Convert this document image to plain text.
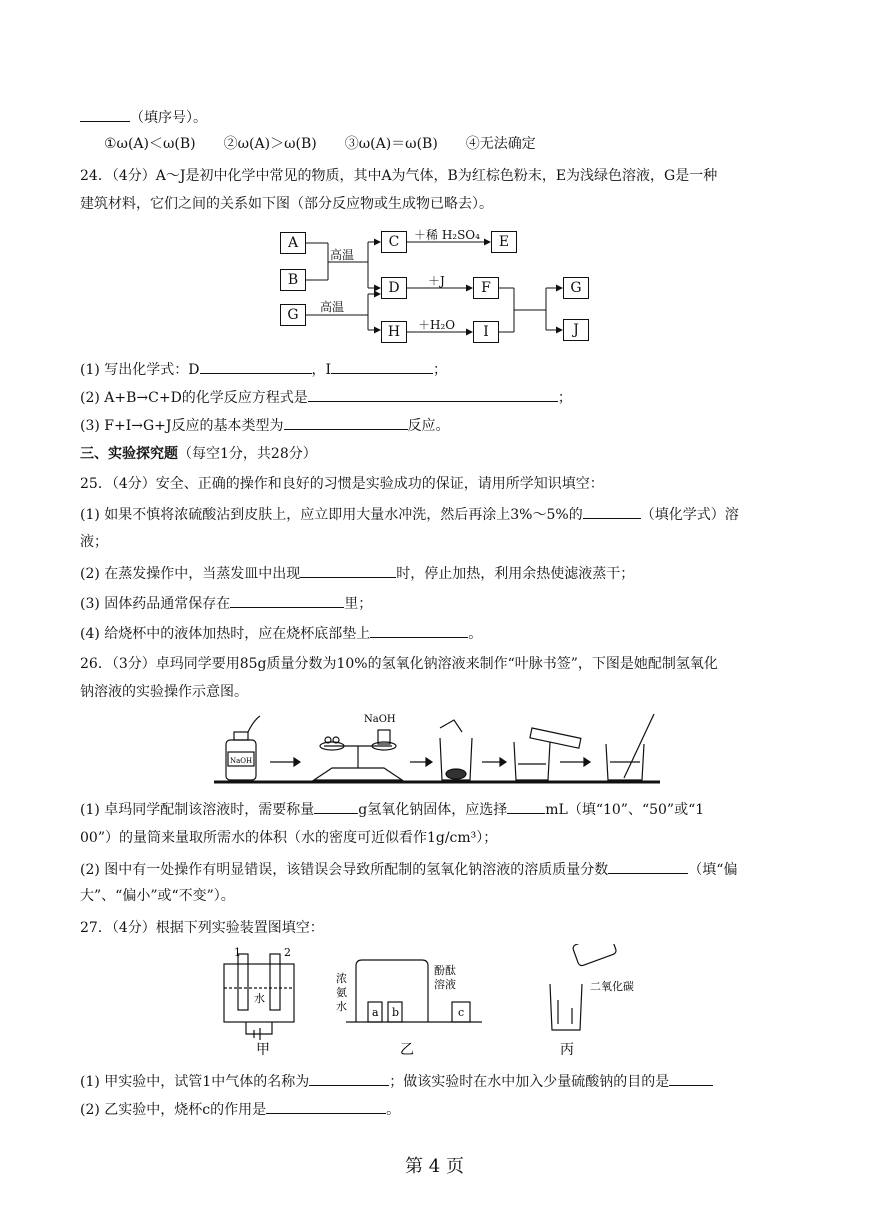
（填序号）。
①ω(A)＜ω(B)　　②ω(A)＞ω(B)　　③ω(A)＝ω(B)　　④无法确定
24．（4分）A～J是初中化学中常见的物质，其中A为气体，B为红棕色粉末，E为浅绿色溶液，G是一种
建筑材料，它们之间的关系如下图（部分反应物或生成物已略去）。
A
B
C	E
D	F	G
G
H	I	J
高温
高温
＋稀 H₂SO₄
＋J
＋H₂O
(1) 写出化学式：D	，I	；
(2) A+B→C+D的化学反应方程式是	；
(3) F+I→G+J反应的基本类型为	反应。
三、实验探究题（每空1分，共28分）
25．（4分）安全、正确的操作和良好的习惯是实验成功的保证，请用所学知识填空：
(1) 如果不慎将浓硫酸沾到皮肤上，应立即用大量水冲洗，然后再涂上3%～5%的	（填化学式）溶
液；
(2) 在蒸发操作中，当蒸发皿中出现	时，停止加热，利用余热使滤液蒸干；
(3) 固体药品通常保存在	里；
(4) 给烧杯中的液体加热时，应在烧杯底部垫上	。
26．（3分）卓玛同学要用85g质量分数为10%的氢氧化钠溶液来制作“叶脉书签”，下图是她配制氢氧化
钠溶液的实验操作示意图。
NaOH
NaOH
(1) 卓玛同学配制该溶液时，需要称量	g氢氧化钠固体，应选择	mL（填“10”、“50”或“1
00”）的量筒来量取所需水的体积（水的密度可近似看作1g/cm³）；
(2) 图中有一处操作有明显错误，该错误会导致所配制的氢氧化钠溶液的溶质质量分数	（填“偏
大”、“偏小”或“不变”）。
27．（4分）根据下列实验装置图填空：
1	2
水
浓
氨
水
酚酞
溶液
a b	c
二氧化碳
甲	乙	丙
(1) 甲实验中，试管1中气体的名称为	；做该实验时在水中加入少量硫酸钠的目的是
(2) 乙实验中，烧杯c的作用是	。
第 4 页
